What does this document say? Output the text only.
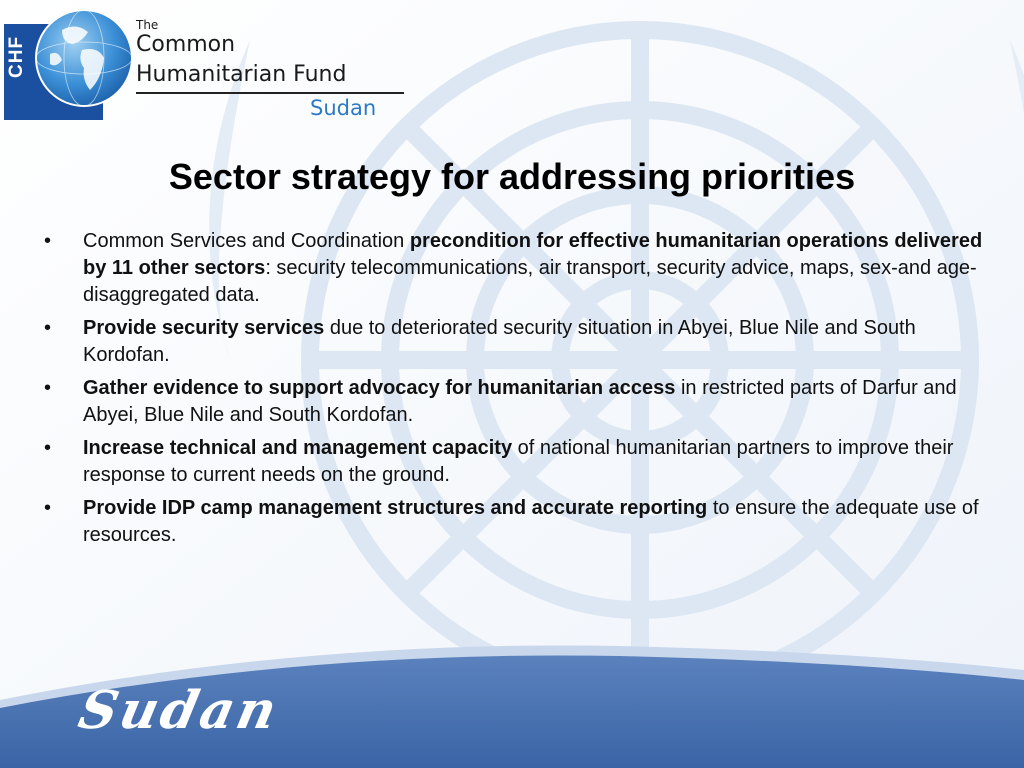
CHF
The
Common
Humanitarian Fund
Sudan
Sector strategy for addressing priorities
• Common Services and Coordination precondition for effective humanitarian operations delivered by 11 other sectors: security telecommunications, air transport, security advice, maps, sex-and age-disaggregated data.
• Provide security services due to deteriorated security situation in Abyei, Blue Nile and South Kordofan.
• Gather evidence to support advocacy for humanitarian access in restricted parts of Darfur and Abyei, Blue Nile and South Kordofan.
• Increase technical and management capacity of national humanitarian partners to improve their response to current needs on the ground.
• Provide IDP camp management structures and accurate reporting to ensure the adequate use of resources.
Sudan
